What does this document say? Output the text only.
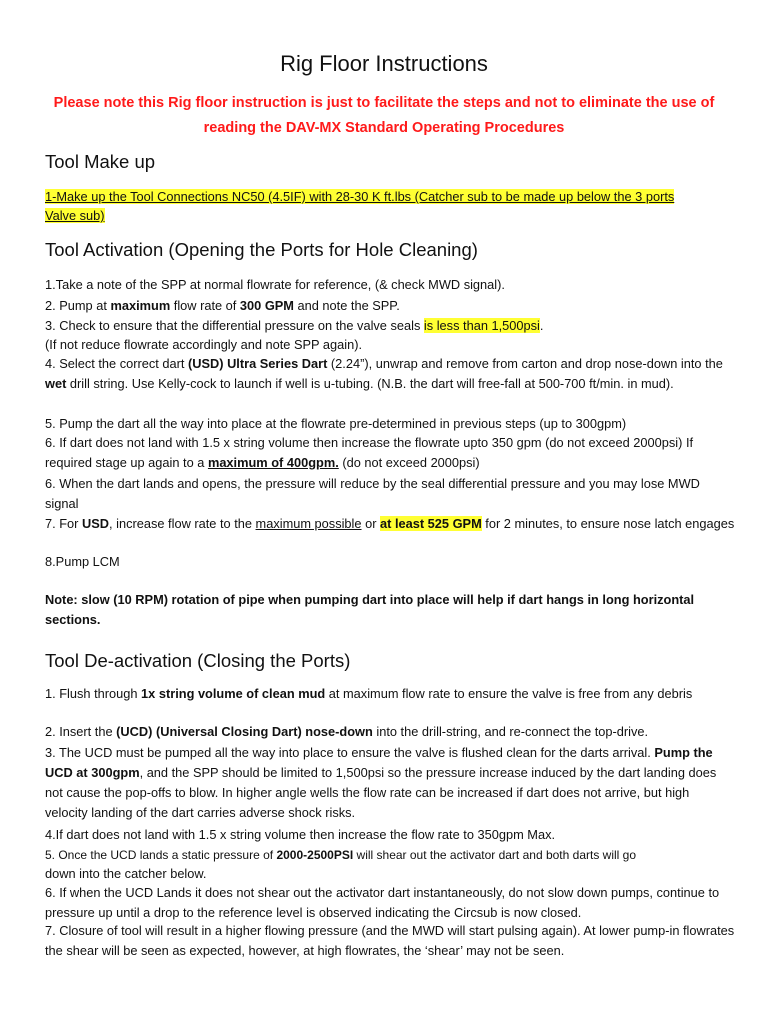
Rig Floor Instructions
Please note this Rig floor instruction is just to facilitate the steps and not to eliminate the use of reading the DAV-MX Standard Operating Procedures
Tool Make up
1-Make up the Tool Connections NC50 (4.5IF) with 28-30 K ft.lbs (Catcher sub to be made up below the 3 ports
Valve sub)
Tool Activation (Opening the Ports for Hole Cleaning)

1.Take a note of the SPP at normal flowrate for reference, (& check MWD signal).

2. Pump at maximum flow rate of 300 GPM and note the SPP.

3. Check to ensure that the differential pressure on the valve seals is less than 1,500psi.

(If not reduce flowrate accordingly and note SPP again).

4. Select the correct dart (USD) Ultra Series Dart (2.24”), unwrap and remove from carton and drop nose-down into the wet drill string. Use Kelly-cock to launch if well is u-tubing. (N.B. the dart will free-fall at 500-700 ft/min. in mud).

5. Pump the dart all the way into place at the flowrate pre-determined in previous steps (up to 300gpm)

6. If dart does not land with 1.5 x string volume then increase the flowrate upto 350 gpm (do not exceed 2000psi) If required stage up again to a maximum of 400gpm. (do not exceed 2000psi)

6. When the dart lands and opens, the pressure will reduce by the seal differential pressure and you may lose MWD signal

7. For USD, increase flow rate to the maximum possible or at least 525 GPM for 2 minutes, to ensure nose latch engages

8.Pump LCM

Note: slow (10 RPM) rotation of pipe when pumping dart into place will help if dart hangs in long horizontal sections.

Tool De-activation (Closing the Ports)

1. Flush through 1x string volume of clean mud at maximum flow rate to ensure the valve is free from any debris

2. Insert the (UCD) (Universal Closing Dart) nose-down into the drill-string, and re-connect the top-drive.

3. The UCD must be pumped all the way into place to ensure the valve is flushed clean for the darts arrival. Pump the UCD at 300gpm, and the SPP should be limited to 1,500psi so the pressure increase induced by the dart landing does not cause the pop-offs to blow. In higher angle wells the flow rate can be increased if dart does not arrive, but high velocity landing of the dart carries adverse shock risks.

4.If dart does not land with 1.5 x string volume then increase the flow rate to 350gpm Max.

5. Once the UCD lands a static pressure of 2000-2500PSI will shear out the activator dart and both darts will go

down into the catcher below.

6. If when the UCD Lands it does not shear out the activator dart instantaneously, do not slow down pumps, continue to pressure up until a drop to the reference level is observed indicating the Circsub is now closed.

7. Closure of tool will result in a higher flowing pressure (and the MWD will start pulsing again). At lower pump-in flowrates the shear will be seen as expected, however, at high flowrates, the ‘shear’ may not be seen.
